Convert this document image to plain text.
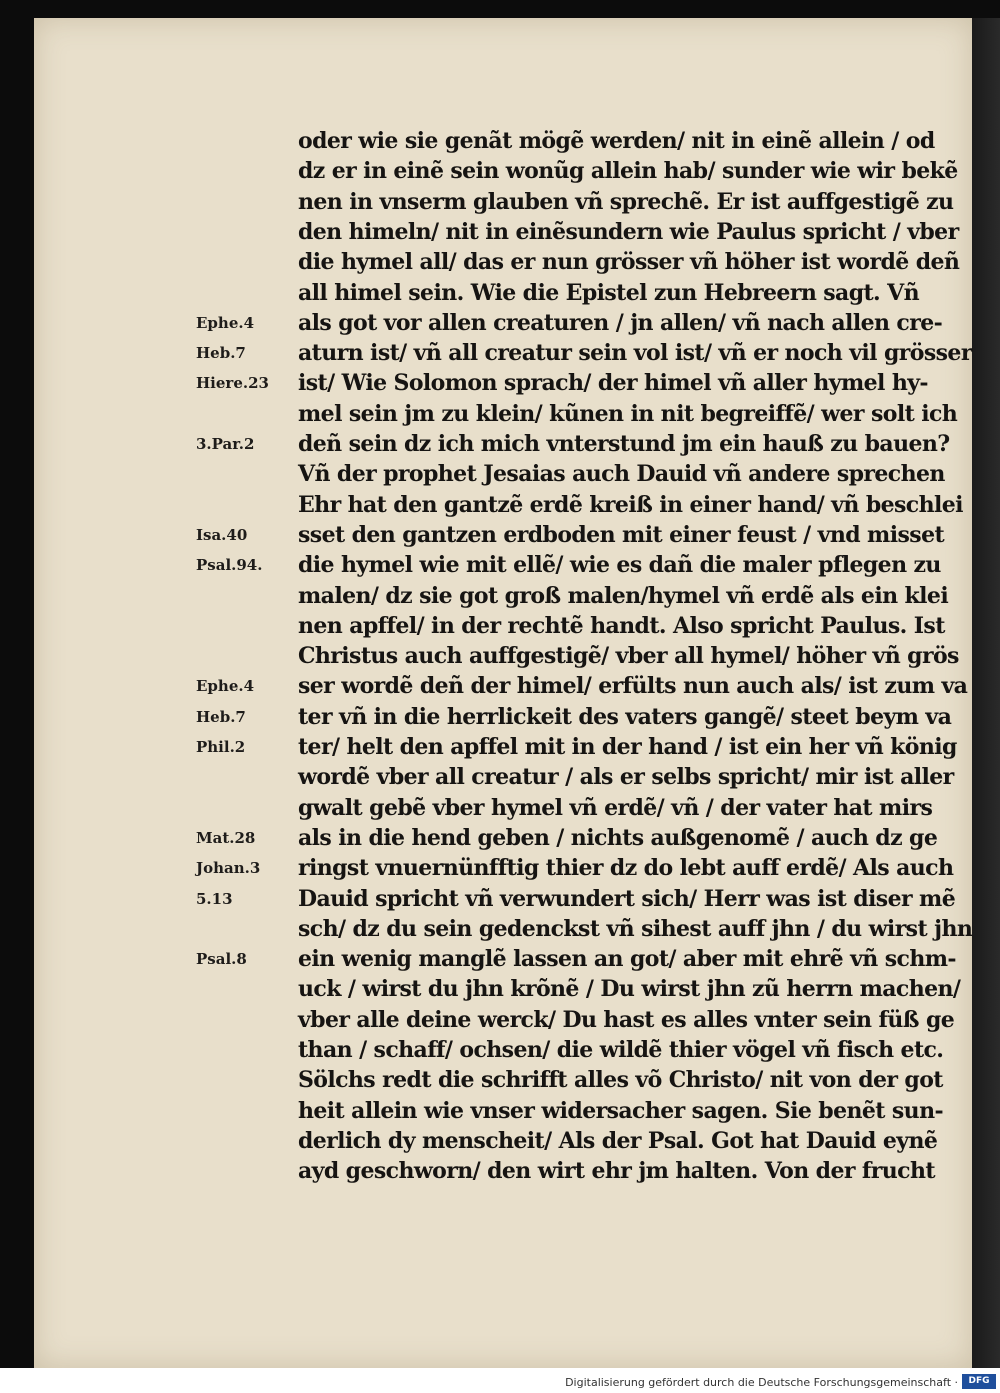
oder wie sie genãt mögẽ werden/ nit in einẽ allein / od
dz er in einẽ sein wonũg allein hab/ sunder wie wir bekẽ
nen in vnserm glauben vñ sprechẽ. Er ist auffgestigẽ zu
den himeln/ nit in einẽsundern wie Paulus spricht / vber
die hymel all/ das er nun grösser vñ höher ist wordẽ deñ
all himel sein. Wie die Epistel zun Hebreern sagt. Vñ
als got vor allen creaturen / jn allen/ vñ nach allen cre-
aturn ist/ vñ all creatur sein vol ist/ vñ er noch vil grösser
ist/ Wie Solomon sprach/ der himel vñ aller hymel hy-
mel sein jm zu klein/ kũnen in nit begreiffẽ/ wer solt ich
deñ sein dz ich mich vnterstund jm ein hauß zu bauen?
Vñ der prophet Jesaias auch Dauid vñ andere sprechen
Ehr hat den gantzẽ erdẽ kreiß in einer hand/ vñ beschlei
sset den gantzen erdboden mit einer feust / vnd misset
die hymel wie mit ellẽ/ wie es dañ die maler pflegen zu
malen/ dz sie got groß malen/hymel vñ erdẽ als ein klei
nen apffel/ in der rechtẽ handt. Also spricht Paulus. Ist
Christus auch auffgestigẽ/ vber all hymel/ höher vñ grös
ser wordẽ deñ der himel/ erfülts nun auch als/ ist zum va
ter vñ in die herrlickeit des vaters gangẽ/ steet beym va
ter/ helt den apffel mit in der hand / ist ein her vñ könig
wordẽ vber all creatur / als er selbs spricht/ mir ist aller
gwalt gebẽ vber hymel vñ erdẽ/ vñ / der vater hat mirs
als in die hend geben / nichts außgenomẽ / auch dz ge
ringst vnuernünfftig thier dz do lebt auff erdẽ/ Als auch
Dauid spricht vñ verwundert sich/ Herr was ist diser mẽ
sch/ dz du sein gedenckst vñ sihest auff jhn / du wirst jhn
ein wenig manglẽ lassen an got/ aber mit ehrẽ vñ schm-
uck / wirst du jhn krõnẽ / Du wirst jhn zũ herrn machen/
vber alle deine werck/ Du hast es alles vnter sein füß ge
than / schaff/ ochsen/ die wildẽ thier vögel vñ fisch etc.
Sölchs redt die schrifft alles võ Christo/ nit von der got
heit allein wie vnser widersacher sagen. Sie benẽt sun-
derlich dy menscheit/ Als der Psal. Got hat Dauid eynẽ
ayd geschworn/ den wirt ehr jm halten. Von der frucht
Ephe.4
Heb.7
Hiere.23
3.Par.2
Isa.40
Psal.94.
Ephe.4
Heb.7
Phil.2
Mat.28
Johan.3
5.13
Psal.8
Digitalisierung gefördert durch die Deutsche Forschungsgemeinschaft ·	DFG
